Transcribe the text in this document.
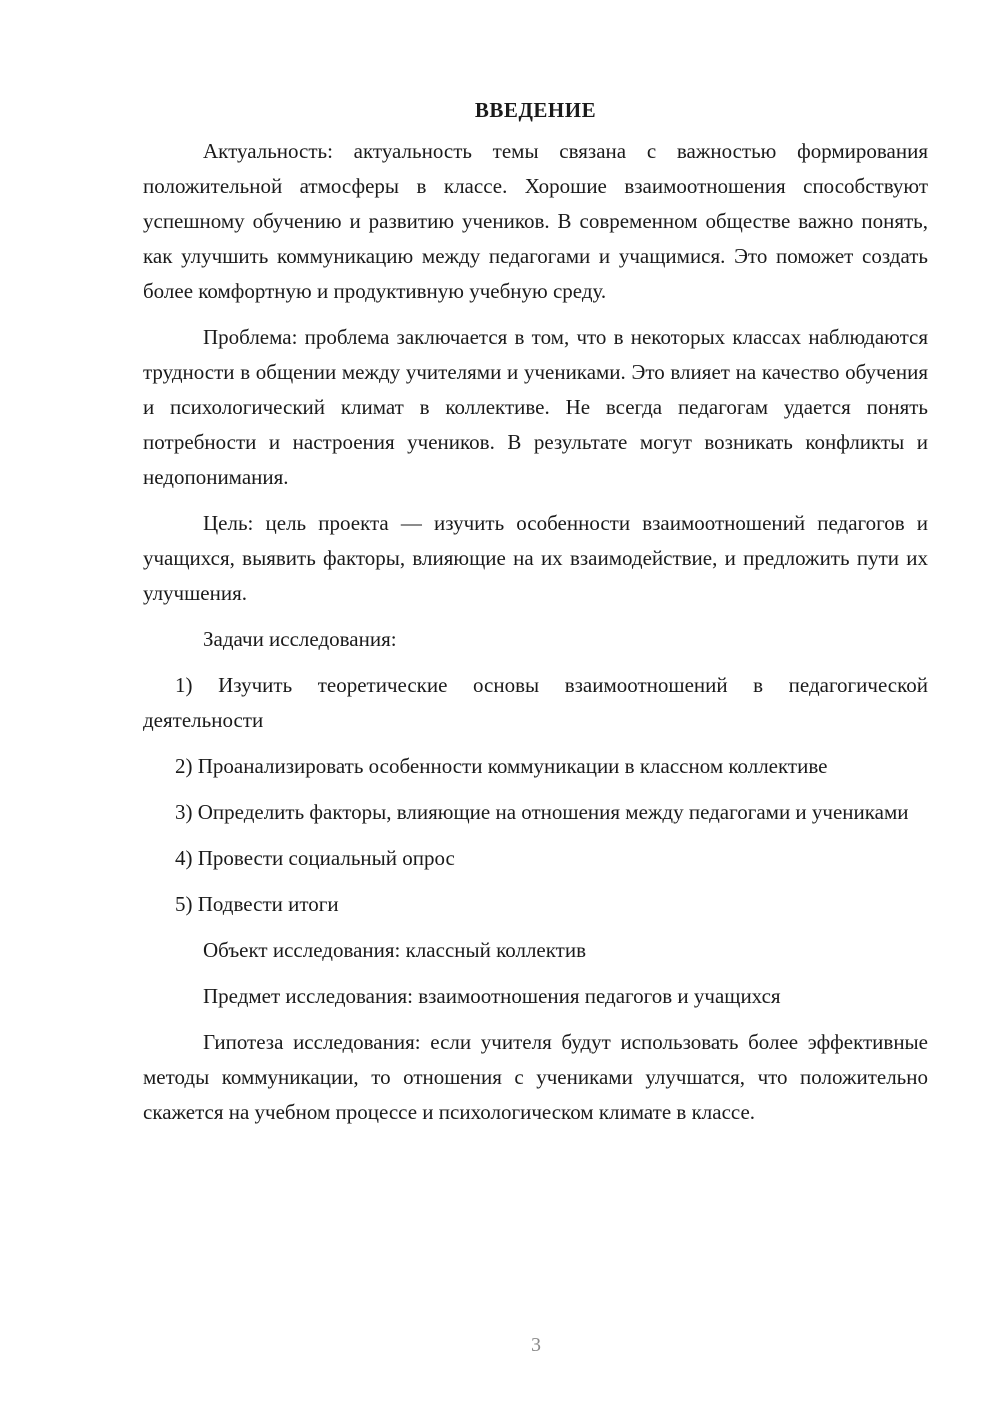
ВВЕДЕНИЕ

Актуальность: актуальность темы связана с важностью формирования положительной атмосферы в классе. Хорошие взаимоотношения способствуют успешному обучению и развитию учеников. В современном обществе важно понять, как улучшить коммуникацию между педагогами и учащимися. Это поможет создать более комфортную и продуктивную учебную среду.

Проблема: проблема заключается в том, что в некоторых классах наблюдаются трудности в общении между учителями и учениками. Это влияет на качество обучения и психологический климат в коллективе. Не всегда педагогам удается понять потребности и настроения учеников. В результате могут возникать конфликты и недопонимания.

Цель: цель проекта — изучить особенности взаимоотношений педагогов и учащихся, выявить факторы, влияющие на их взаимодействие, и предложить пути их улучшения.

Задачи исследования:

1) Изучить теоретические основы взаимоотношений в педагогической деятельности

2) Проанализировать особенности коммуникации в классном коллективе

3) Определить факторы, влияющие на отношения между педагогами и учениками

4) Провести социальный опрос

5) Подвести итоги

Объект исследования: классный коллектив

Предмет исследования: взаимоотношения педагогов и учащихся

Гипотеза исследования: если учителя будут использовать более эффективные методы коммуникации, то отношения с учениками улучшатся, что положительно скажется на учебном процессе и психологическом климате в классе.

3
